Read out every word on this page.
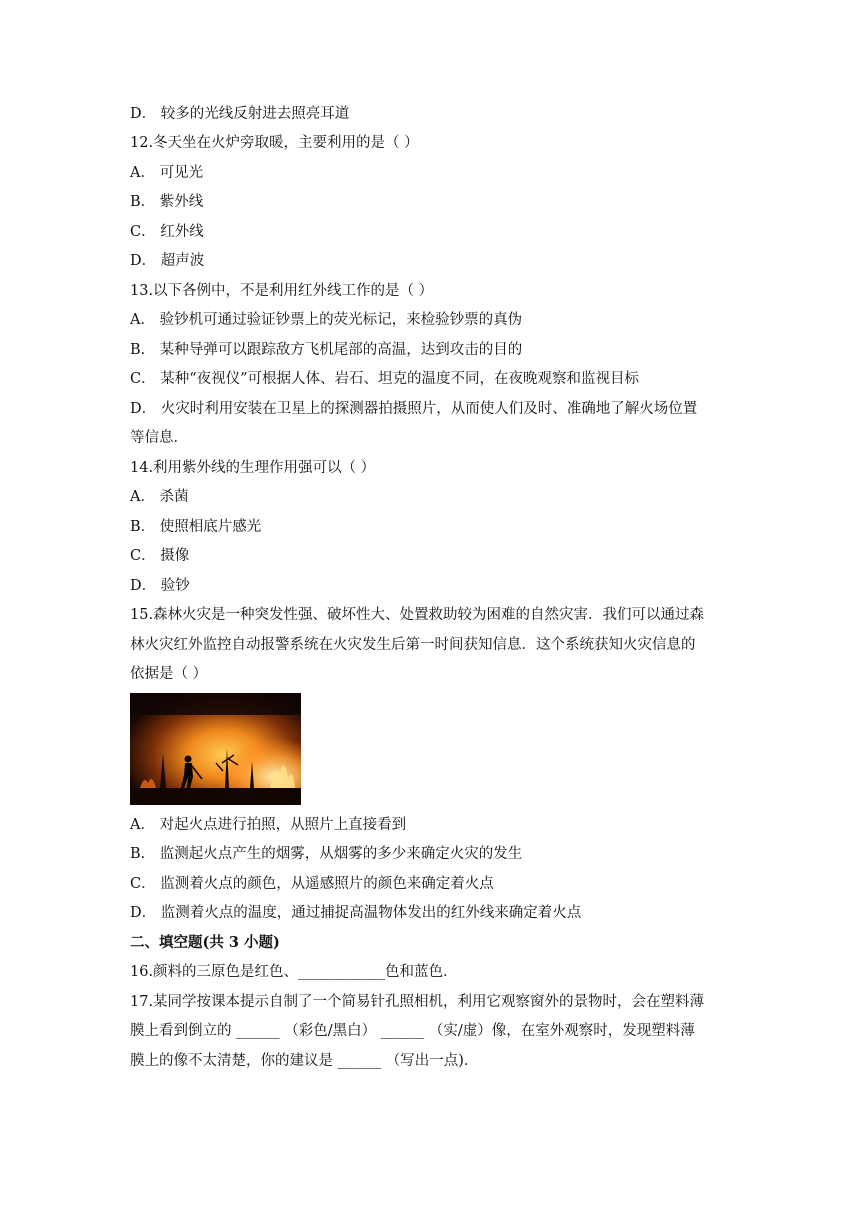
D． 较多的光线反射进去照亮耳道
12.冬天坐在火炉旁取暖，主要利用的是（ ）
A． 可见光
B． 紫外线
C． 红外线
D． 超声波
13.以下各例中，不是利用红外线工作的是（ ）
A． 验钞机可通过验证钞票上的荧光标记，来检验钞票的真伪
B． 某种导弹可以跟踪敌方飞机尾部的高温，达到攻击的目的
C． 某种“夜视仪”可根据人体、岩石、坦克的温度不同，在夜晚观察和监视目标
D． 火灾时利用安装在卫星上的探测器拍摄照片，从而使人们及时、准确地了解火场位置
等信息．
14.利用紫外线的生理作用强可以（ ）
A． 杀菌
B． 使照相底片感光
C． 摄像
D． 验钞
15.森林火灾是一种突发性强、破坏性大、处置救助较为困难的自然灾害．我们可以通过森
林火灾红外监控自动报警系统在火灾发生后第一时间获知信息．这个系统获知火灾信息的
依据是（ ）
A． 对起火点进行拍照，从照片上直接看到
B． 监测起火点产生的烟雾，从烟雾的多少来确定火灾的发生
C． 监测着火点的颜色，从遥感照片的颜色来确定着火点
D． 监测着火点的温度，通过捕捉高温物体发出的红外线来确定着火点
二、填空题(共 3 小题)
16.颜料的三原色是红色、____________色和蓝色．
17.某同学按课本提示自制了一个简易针孔照相机，利用它观察窗外的景物时，会在塑料薄
膜上看到倒立的 ______ （彩色/黑白） ______ （实/虚）像，在室外观察时，发现塑料薄
膜上的像不太清楚，你的建议是 ______ （写出一点)．
